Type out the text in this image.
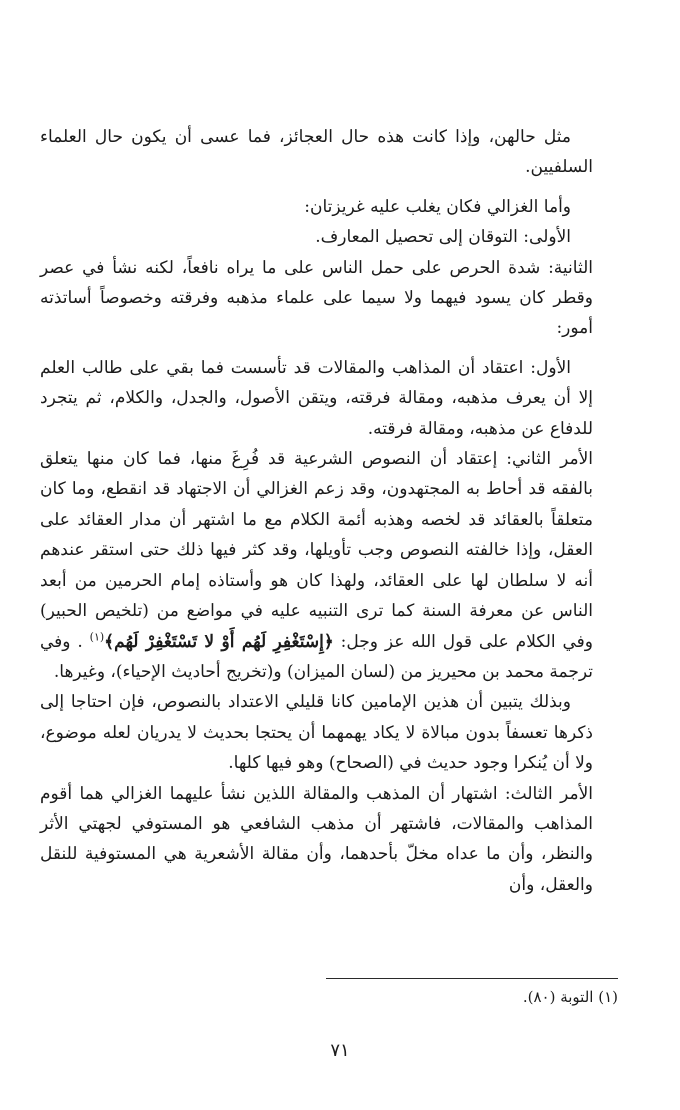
مثل حالهن، وإذا كانت هذه حال العجائز، فما عسى أن يكون حال العلماء السلفيين.

وأما الغزالي فكان يغلب عليه غريزتان:

الأولى: التوقان إلى تحصيل المعارف.

الثانية: شدة الحرص على حمل الناس على ما يراه نافعاً، لكنه نشأ في عصر وقطر كان يسود فيهما ولا سيما على علماء مذهبه وفرقته وخصوصاً أساتذته أمور:

الأول: اعتقاد أن المذاهب والمقالات قد تأسست فما بقي على طالب العلم إلا أن يعرف مذهبه، ومقالة فرقته، ويتقن الأصول، والجدل، والكلام، ثم يتجرد للدفاع عن مذهبه، ومقالة فرقته.

الأمر الثاني: إعتقاد أن النصوص الشرعية قد فُرِغَ منها، فما كان منها يتعلق بالفقه قد أحاط به المجتهدون، وقد زعم الغزالي أن الاجتهاد قد انقطع، وما كان متعلقاً بالعقائد قد لخصه وهذبه أئمة الكلام مع ما اشتهر أن مدار العقائد على العقل، وإذا خالفته النصوص وجب تأويلها، وقد كثر فيها ذلك حتى استقر عندهم أنه لا سلطان لها على العقائد، ولهذا كان هو وأستاذه إمام الحرمين من أبعد الناس عن معرفة السنة كما ترى التنبيه عليه في مواضع من (تلخيص الحبير) وفي الكلام على قول الله عز وجل: ﴿إِسْتَغْفِرِ لَهُم أَوْ لا تَسْتَغْفِرْ لَهُم﴾$^{(١)}$ . وفي ترجمة محمد بن محيريز من (لسان الميزان) و(تخريج أحاديث الإحياء)، وغيرها.

وبذلك يتبين أن هذين الإمامين كانا قليلي الاعتداد بالنصوص، فإن احتاجا إلى ذكرها تعسفاً بدون مبالاة لا يكاد يهمهما أن يحتجا بحديث لا يدريان لعله موضوع، ولا أن يُنكرا وجود حديث في (الصحاح) وهو فيها كلها.

الأمر الثالث: اشتهار أن المذهب والمقالة اللذين نشأ عليهما الغزالي هما أقوم المذاهب والمقالات، فاشتهر أن مذهب الشافعي هو المستوفي لجهتي الأثر والنظر، وأن ما عداه مخلّ بأحدهما، وأن مقالة الأشعرية هي المستوفية للنقل والعقل، وأن

(١) التوبة (٨٠).
٧١
